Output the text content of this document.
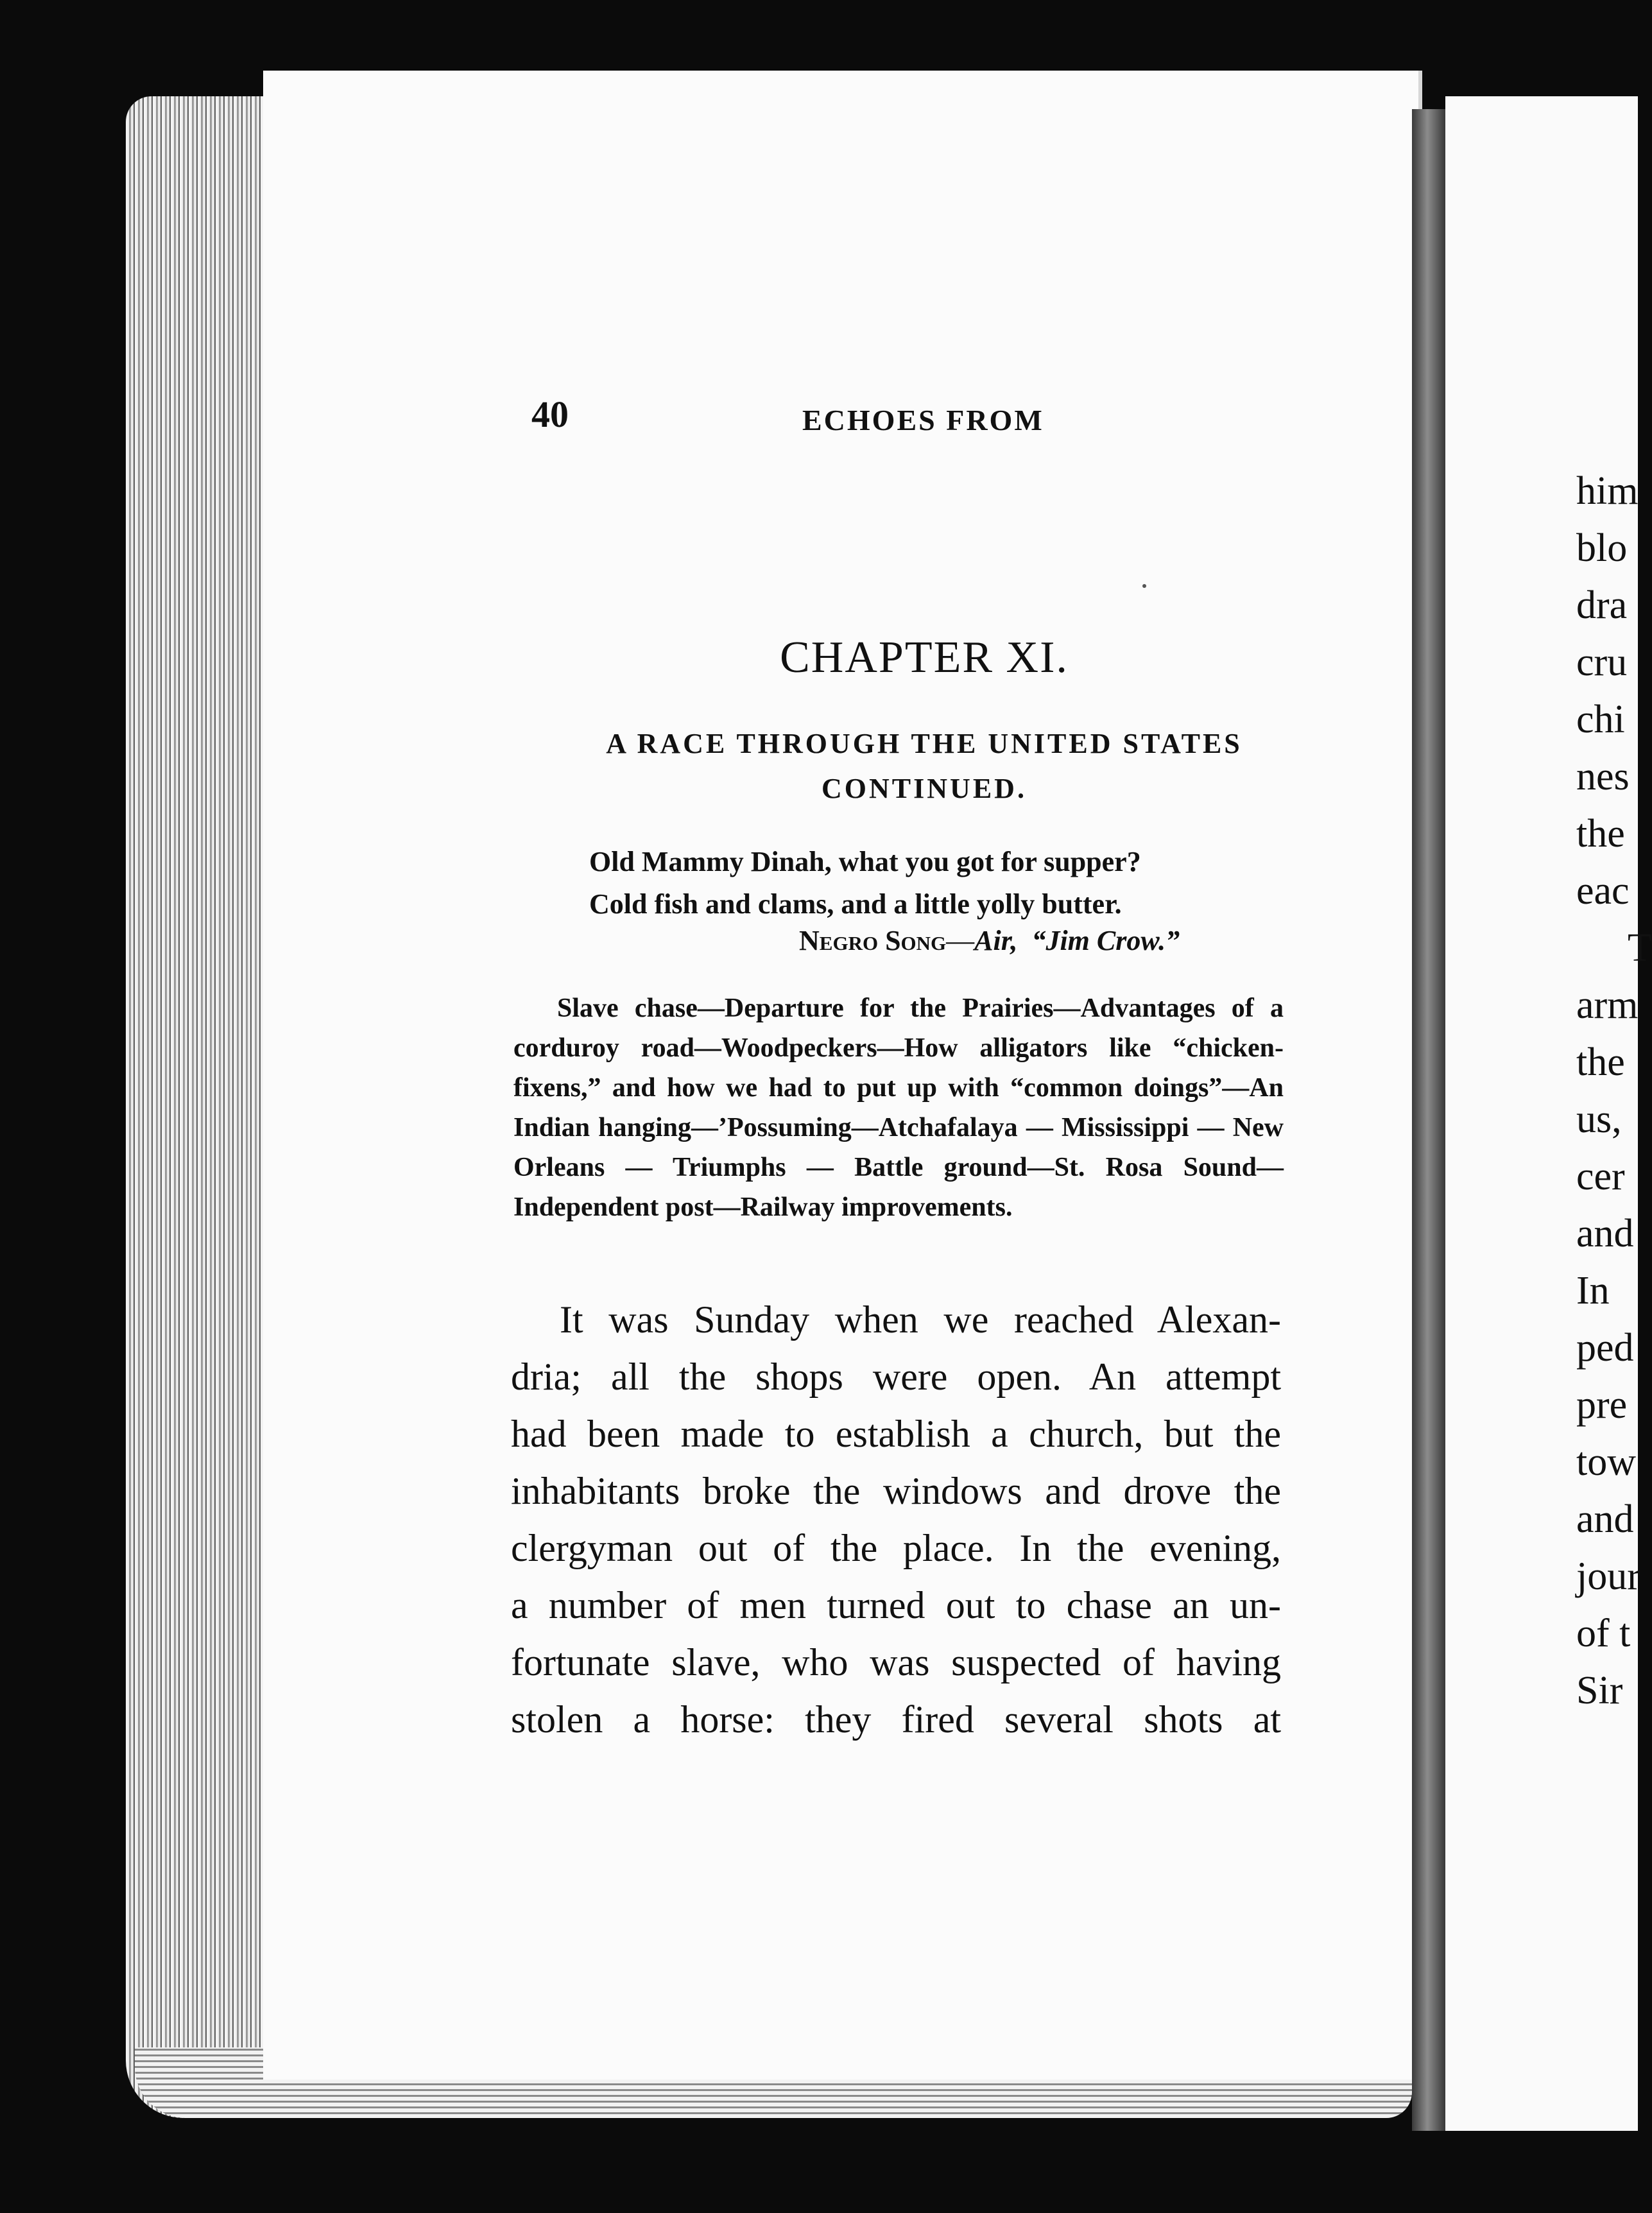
him
blo
dra
cru
chi
nes
the
eac
T
arm
the
us,
cer
and
In
ped
pre
tow
and
jour
of t
Sir
40	ECHOES FROM
CHAPTER XI.
A RACE THROUGH THE UNITED STATES
CONTINUED.
Old Mammy Dinah, what you got for supper?
Cold fish and clams, and a little yolly butter.
Negro Song—Air, “Jim Crow.”
Slave chase—Departure for the Prairies—Advantages of a corduroy road—Woodpeckers—How alligators like “chicken-fixens,” and how we had to put up with “common doings”—An Indian hanging—’Possuming—Atchafalaya — Mississippi — New Orleans — Triumphs — Battle ground—St. Rosa Sound—Independent post—Railway improvements.
It was Sunday when we reached Alexan-
dria; all the shops were open. An attempt
had been made to establish a church, but the
inhabitants broke the windows and drove the
clergyman out of the place. In the evening,
a number of men turned out to chase an un-
fortunate slave, who was suspected of having
stolen a horse: they fired several shots at
